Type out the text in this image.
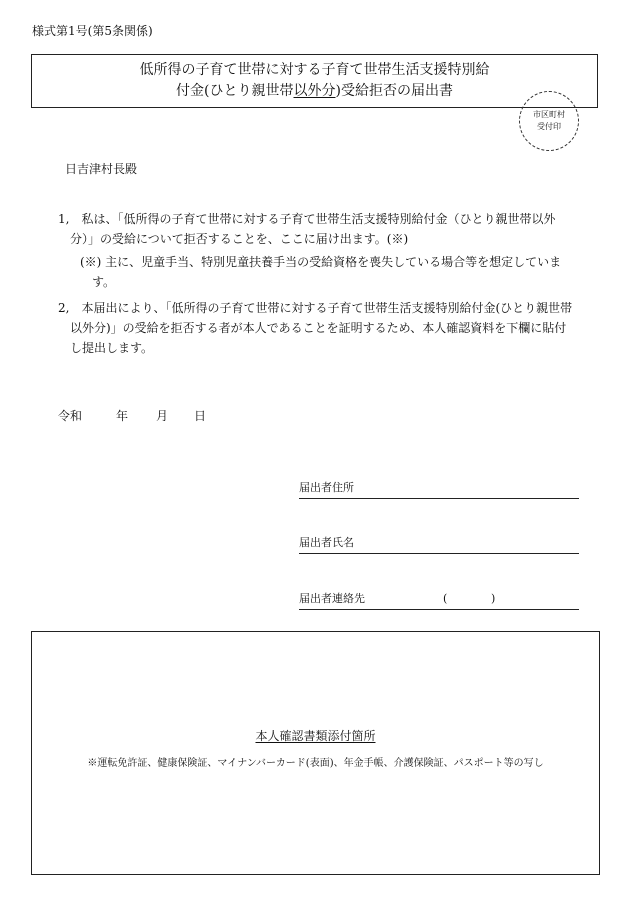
様式第1号(第5条関係)
低所得の子育て世帯に対する子育て世帯生活支援特別給
付金(ひとり親世帯以外分)受給拒否の届出書
市区町村
受付印
日吉津村長殿
1,　私は、「低所得の子育て世帯に対する子育て世帯生活支援特別給付金（ひとり親世帯以外分）」の受給について拒否することを、ここに届け出ます。(※)
(※) 主に、児童手当、特別児童扶養手当の受給資格を喪失している場合等を想定しています。
2,　本届出により、「低所得の子育て世帯に対する子育て世帯生活支援特別給付金(ひとり親世帯以外分)」の受給を拒否する者が本人であることを証明するため、本人確認資料を下欄に貼付し提出します。
令和	年 月 日
届出者住所
届出者氏名
届出者連絡先	(	)
本人確認書類添付箇所
※運転免許証、健康保険証、マイナンバーカード(表面)、年金手帳、介護保険証、パスポート等の写し
